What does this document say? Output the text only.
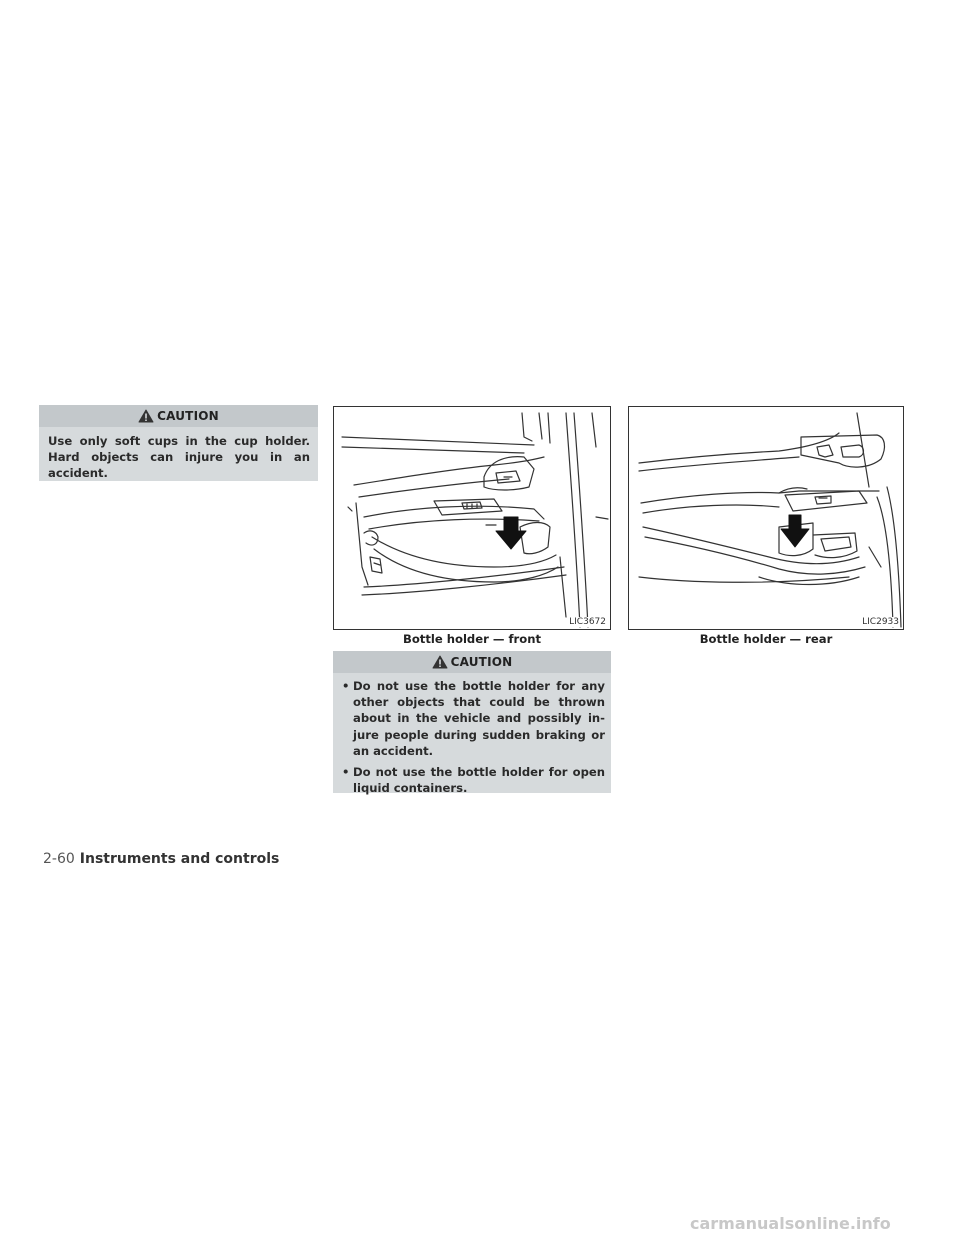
CAUTION
Use only soft cups in the cup holder. Hard objects can injure you in an accident.
LIC3672
Bottle holder — front
LIC2933
Bottle holder — rear
CAUTION
• Do not use the bottle holder for any other objects that could be thrown about in the vehicle and possibly in- jure people during sudden braking or an accident.
• Do not use the bottle holder for open liquid containers.
2-60 Instruments and controls
carmanualsonline.info
